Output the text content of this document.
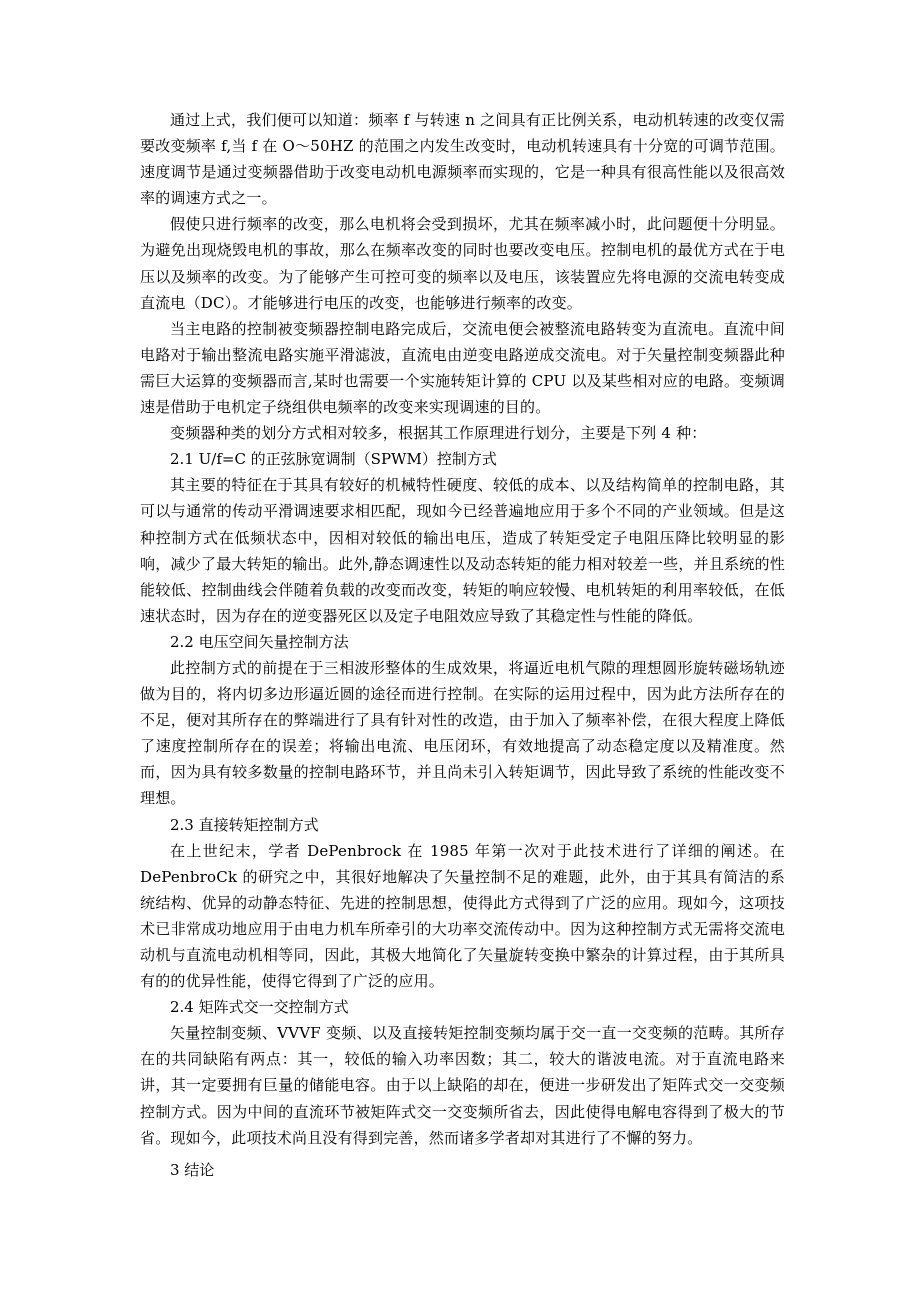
通过上式，我们便可以知道：频率 f 与转速 n 之间具有正比例关系，电动机转速的改变仅需要改变频率 f,当 f 在 O～50HZ 的范围之内发生改变时，电动机转速具有十分宽的可调节范围。速度调节是通过变频器借助于改变电动机电源频率而实现的，它是一种具有很高性能以及很高效率的调速方式之一。

假使只进行频率的改变，那么电机将会受到损坏，尤其在频率减小时，此问题便十分明显。为避免出现烧毁电机的事故，那么在频率改变的同时也要改变电压。控制电机的最优方式在于电压以及频率的改变。为了能够产生可控可变的频率以及电压，该装置应先将电源的交流电转变成直流电（DC）。才能够进行电压的改变，也能够进行频率的改变。

当主电路的控制被变频器控制电路完成后，交流电便会被整流电路转变为直流电。直流中间电路对于输出整流电路实施平滑滤波，直流电由逆变电路逆成交流电。对于矢量控制变频器此种需巨大运算的变频器而言,某时也需要一个实施转矩计算的 CPU 以及某些相对应的电路。变频调速是借助于电机定子绕组供电频率的改变来实现调速的目的。

变频器种类的划分方式相对较多，根据其工作原理进行划分，主要是下列 4 种：

2.1 U/f=C 的正弦脉宽调制（SPWM）控制方式

其主要的特征在于其具有较好的机械特性硬度、较低的成本、以及结构简单的控制电路，其可以与通常的传动平滑调速要求相匹配，现如今已经普遍地应用于多个不同的产业领域。但是这种控制方式在低频状态中，因相对较低的输出电压，造成了转矩受定子电阻压降比较明显的影响，减少了最大转矩的输出。此外,静态调速性以及动态转矩的能力相对较差一些，并且系统的性能较低、控制曲线会伴随着负载的改变而改变，转矩的响应较慢、电机转矩的利用率较低，在低速状态时，因为存在的逆变器死区以及定子电阻效应导致了其稳定性与性能的降低。

2.2 电压空间矢量控制方法

此控制方式的前提在于三相波形整体的生成效果，将逼近电机气隙的理想圆形旋转磁场轨迹做为目的，将内切多边形逼近圆的途径而进行控制。在实际的运用过程中，因为此方法所存在的不足，便对其所存在的弊端进行了具有针对性的改造，由于加入了频率补偿，在很大程度上降低了速度控制所存在的误差；将输出电流、电压闭环，有效地提高了动态稳定度以及精准度。然而，因为具有较多数量的控制电路环节，并且尚未引入转矩调节，因此导致了系统的性能改变不理想。

2.3 直接转矩控制方式

在上世纪末，学者 DePenbrock 在 1985 年第一次对于此技术进行了详细的阐述。在 DePenbroCk 的研究之中，其很好地解决了矢量控制不足的难题，此外，由于其具有简洁的系统结构、优异的动静态特征、先进的控制思想，使得此方式得到了广泛的应用。现如今，这项技术已非常成功地应用于由电力机车所牵引的大功率交流传动中。因为这种控制方式无需将交流电动机与直流电动机相等同，因此，其极大地简化了矢量旋转变换中繁杂的计算过程，由于其所具有的的优异性能，使得它得到了广泛的应用。

2.4 矩阵式交一交控制方式

矢量控制变频、VVVF 变频、以及直接转矩控制变频均属于交一直一交变频的范畴。其所存在的共同缺陷有两点：其一，较低的输入功率因数；其二，较大的谐波电流。对于直流电路来讲，其一定要拥有巨量的储能电容。由于以上缺陷的却在，便进一步研发出了矩阵式交一交变频控制方式。因为中间的直流环节被矩阵式交一交变频所省去，因此使得电解电容得到了极大的节省。现如今，此项技术尚且没有得到完善，然而诸多学者却对其进行了不懈的努力。

3 结论
